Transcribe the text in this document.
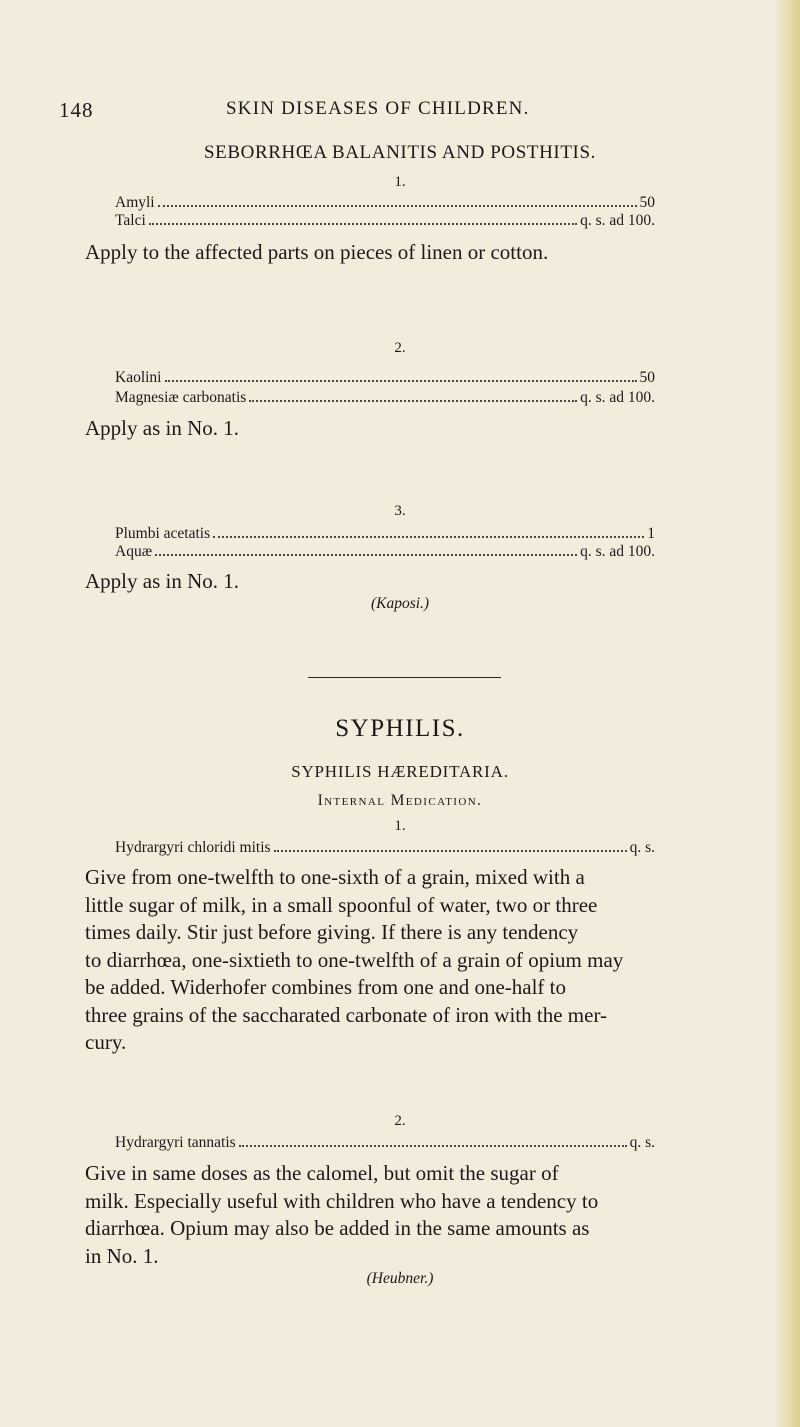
148	SKIN DISEASES OF CHILDREN.
SEBORRHŒA BALANITIS AND POSTHITIS.
1.
Amyli	50
Talci	q. s. ad 100.
Apply to the affected parts on pieces of linen or cotton.
2.
Kaolini	50
Magnesiæ carbonatis	q. s. ad 100.
Apply as in No. 1.
3.
Plumbi acetatis	1
Aquæ	q. s. ad 100.
Apply as in No. 1.
(Kaposi.)
SYPHILIS.
SYPHILIS HÆREDITARIA.
Internal Medication.
1.
Hydrargyri chloridi mitis	q. s.
Give from one-twelfth to one-sixth of a grain, mixed with a
little sugar of milk, in a small spoonful of water, two or three
times daily. Stir just before giving. If there is any tendency
to diarrhœa, one-sixtieth to one-twelfth of a grain of opium may
be added. Widerhofer combines from one and one-half to
three grains of the saccharated carbonate of iron with the mer-
cury.
2.
Hydrargyri tannatis	q. s.
Give in same doses as the calomel, but omit the sugar of
milk. Especially useful with children who have a tendency to
diarrhœa. Opium may also be added in the same amounts as
in No. 1.
(Heubner.)
